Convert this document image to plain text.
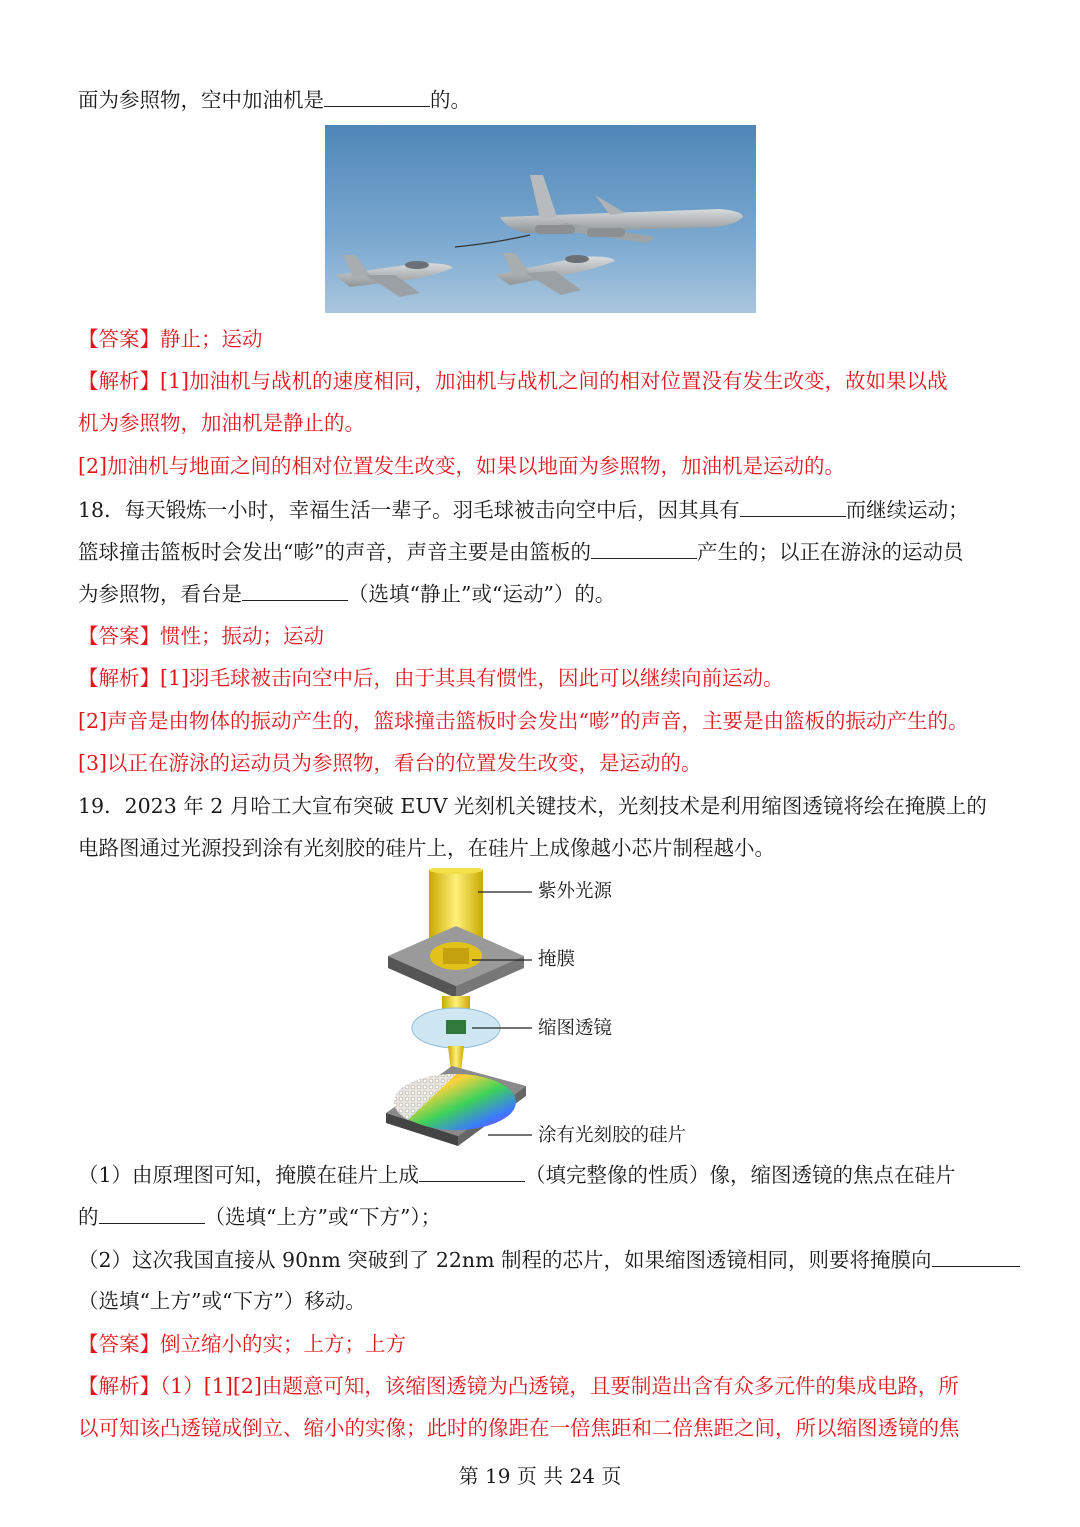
面为参照物，空中加油机是	的。
【答案】静止；运动
【解析】[1]加油机与战机的速度相同，加油机与战机之间的相对位置没有发生改变，故如果以战
机为参照物，加油机是静止的。
[2]加油机与地面之间的相对位置发生改变，如果以地面为参照物，加油机是运动的。
18．每天锻炼一小时，幸福生活一辈子。羽毛球被击向空中后，因其具有	而继续运动；
篮球撞击篮板时会发出“嘭”的声音，声音主要是由篮板的	产生的；以正在游泳的运动员
为参照物，看台是	（选填“静止”或“运动”）的。
【答案】惯性；振动；运动
【解析】[1]羽毛球被击向空中后，由于其具有惯性，因此可以继续向前运动。
[2]声音是由物体的振动产生的，篮球撞击篮板时会发出“嘭”的声音，主要是由篮板的振动产生的。
[3]以正在游泳的运动员为参照物，看台的位置发生改变，是运动的。
19．2023 年 2 月哈工大宣布突破 EUV 光刻机关键技术，光刻技术是利用缩图透镜将绘在掩膜上的
电路图通过光源投到涂有光刻胶的硅片上，在硅片上成像越小芯片制程越小。
紫外光源
掩膜
缩图透镜
涂有光刻胶的硅片
（1）由原理图可知，掩膜在硅片上成	（填完整像的性质）像，缩图透镜的焦点在硅片
的	（选填“上方”或“下方”）；
（2）这次我国直接从 90nm 突破到了 22nm 制程的芯片，如果缩图透镜相同，则要将掩膜向
（选填“上方”或“下方”）移动。
【答案】倒立缩小的实；上方；上方
【解析】（1）[1][2]由题意可知，该缩图透镜为凸透镜，且要制造出含有众多元件的集成电路，所
以可知该凸透镜成倒立、缩小的实像；此时的像距在一倍焦距和二倍焦距之间，所以缩图透镜的焦
第 19 页 共 24 页
